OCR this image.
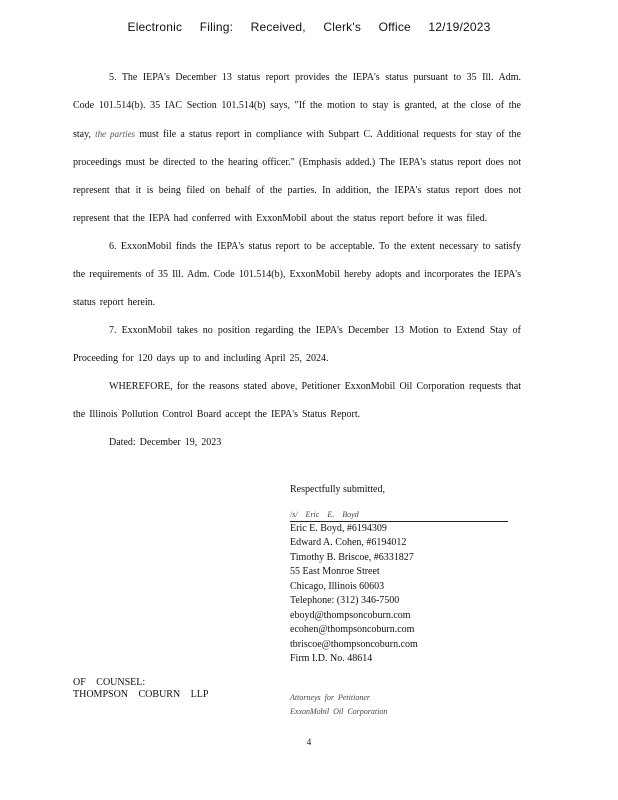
Electronic Filing: Received, Clerk's Office 12/19/2023

5. The IEPA's December 13 status report provides the IEPA's status pursuant to 35 Ill. Adm. Code 101.514(b). 35 IAC Section 101.514(b) says, "If the motion to stay is granted, at the close of the stay, the parties must file a status report in compliance with Subpart C. Additional requests for stay of the proceedings must be directed to the hearing officer." (Emphasis added.) The IEPA's status report does not represent that it is being filed on behalf of the parties. In addition, the IEPA's status report does not represent that the IEPA had conferred with ExxonMobil about the status report before it was filed.

6. ExxonMobil finds the IEPA's status report to be acceptable. To the extent necessary to satisfy the requirements of 35 Ill. Adm. Code 101.514(b), ExxonMobil hereby adopts and incorporates the IEPA's status report herein.

7. ExxonMobil takes no position regarding the IEPA's December 13 Motion to Extend Stay of Proceeding for 120 days up to and including April 25, 2024.

WHEREFORE, for the reasons stated above, Petitioner ExxonMobil Oil Corporation requests that the Illinois Pollution Control Board accept the IEPA's Status Report.

Dated: December 19, 2023

Respectfully submitted,
/s/ Eric E. Boyd
Eric E. Boyd, #6194309
Edward A. Cohen, #6194012
Timothy B. Briscoe, #6331827
55 East Monroe Street
Chicago, Illinois 60603
Telephone: (312) 346-7500
eboyd@thompsoncoburn.com
ecohen@thompsoncoburn.com
tbriscoe@thompsoncoburn.com
Firm I.D. No. 48614
OF COUNSEL:
THOMPSON COBURN LLP	Attorneys for Petitioner
ExxonMobil Oil Corporation
4
